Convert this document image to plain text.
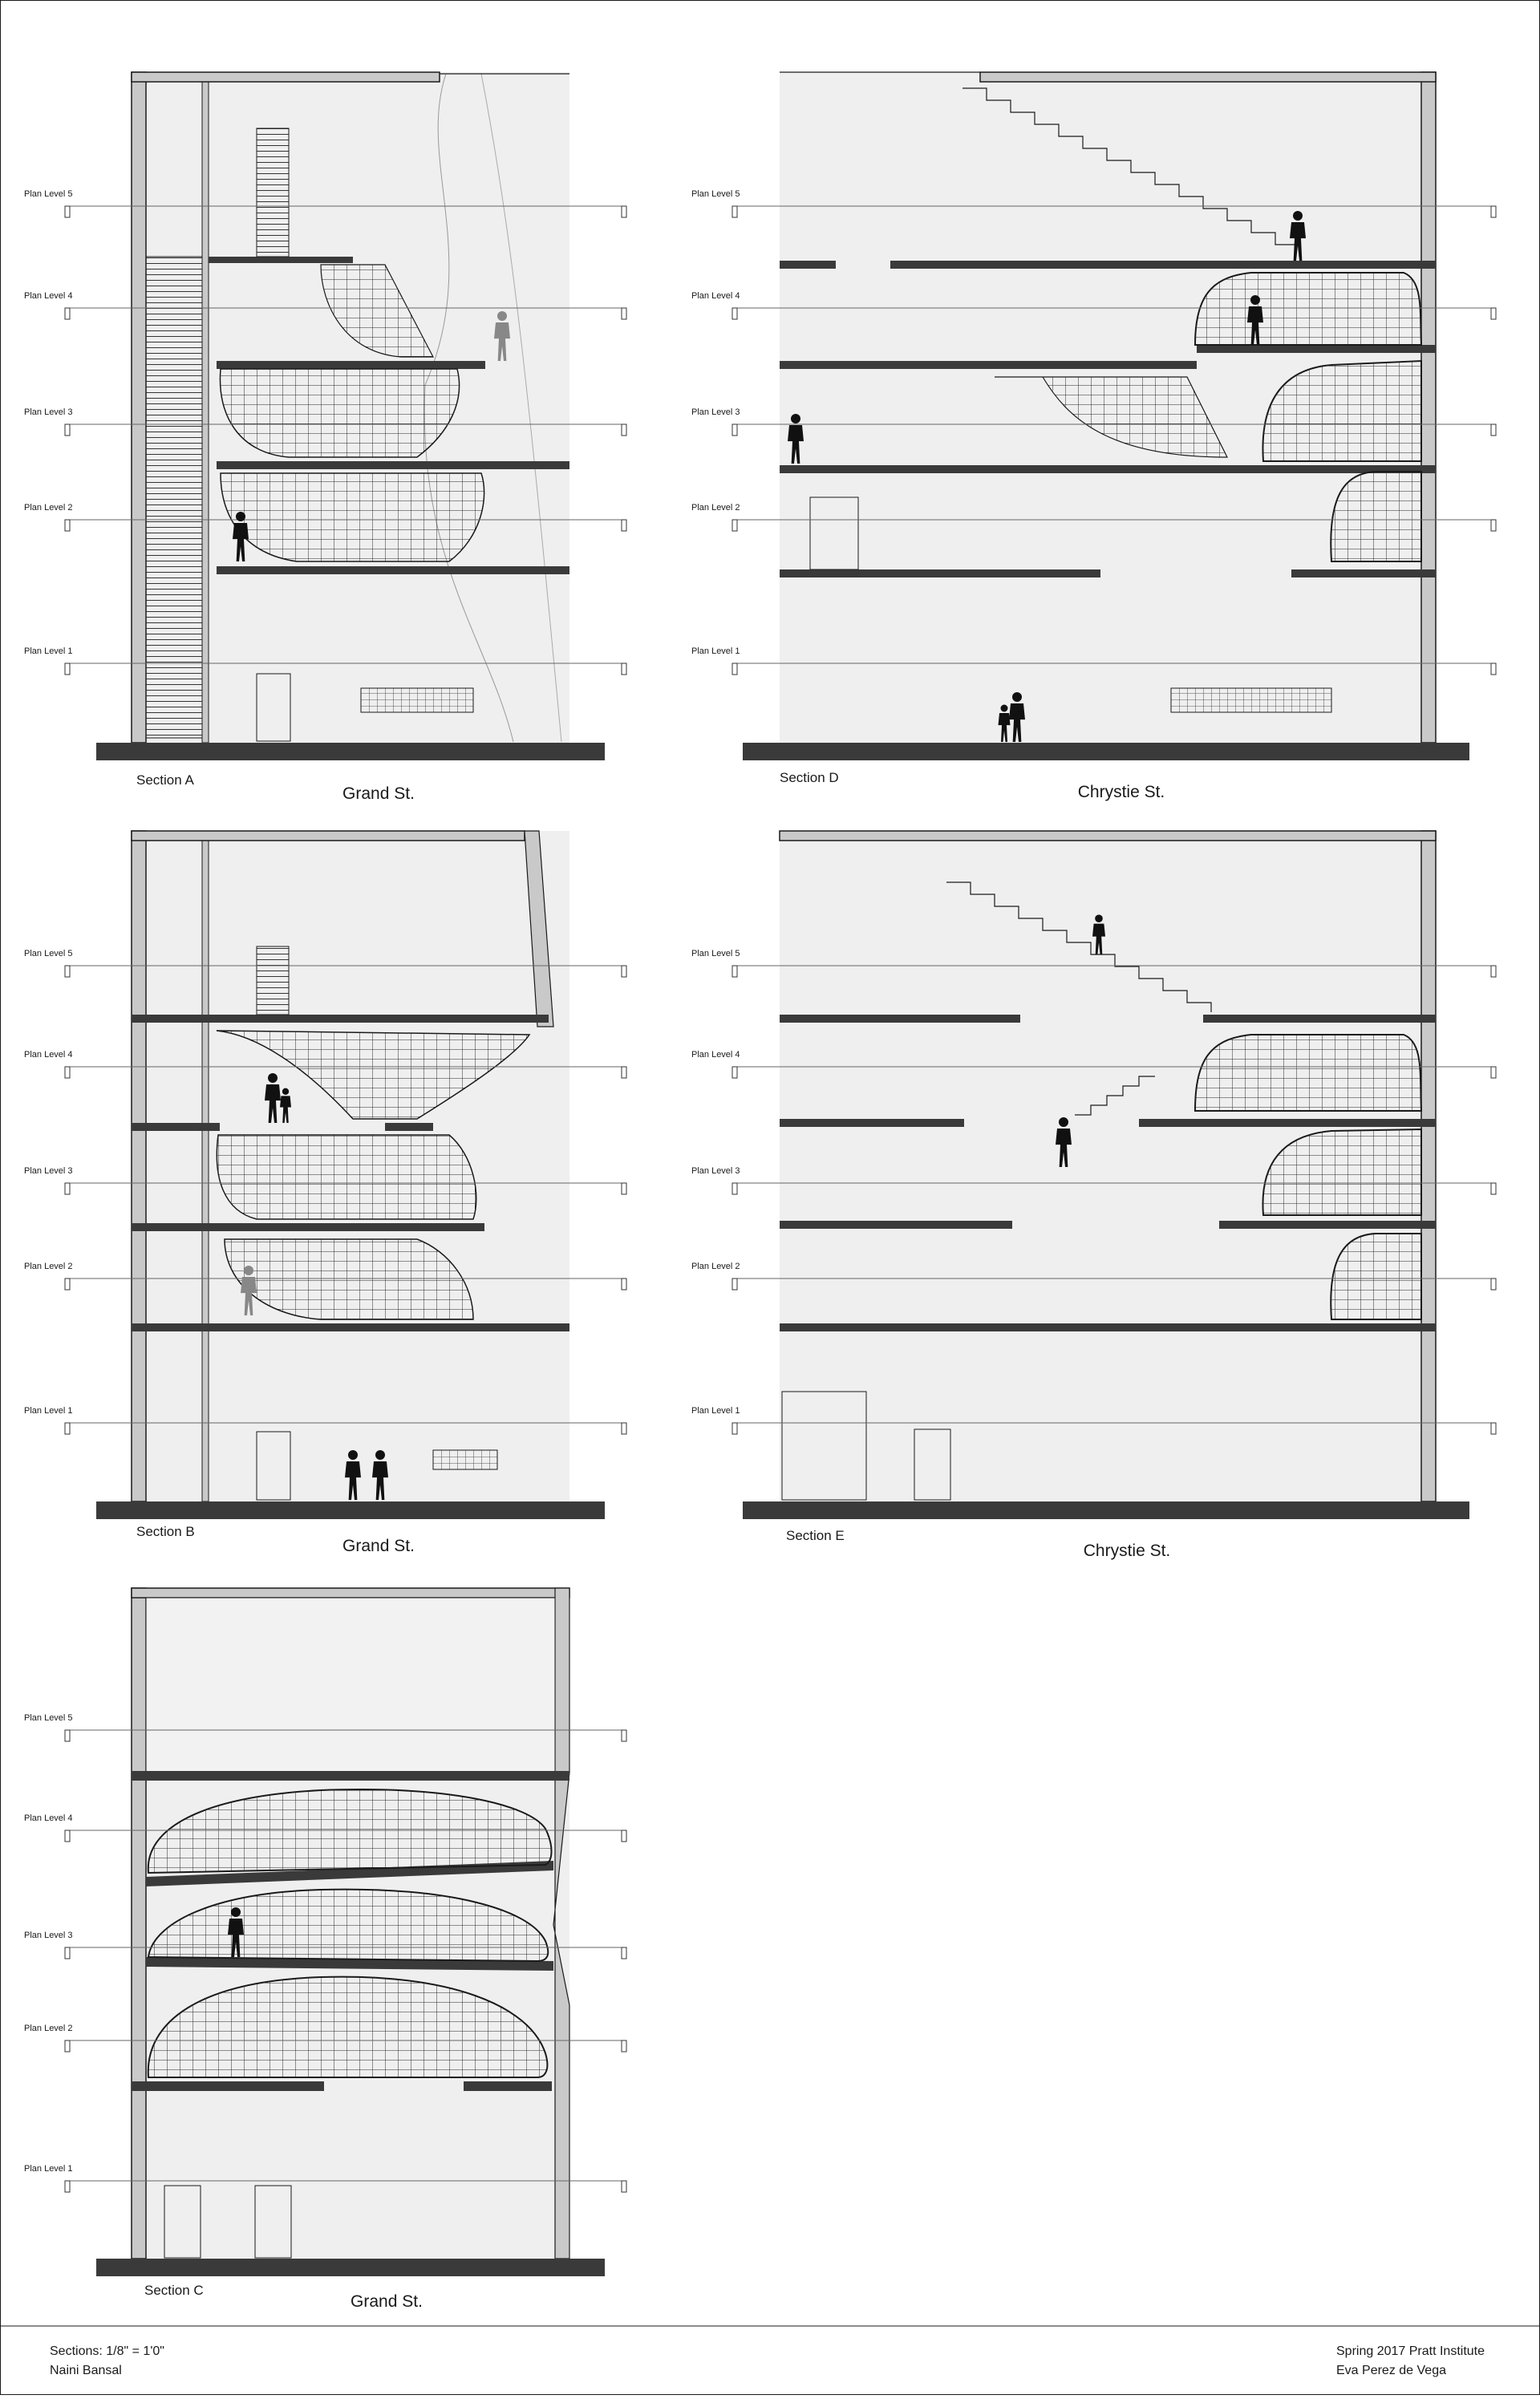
Plan Level 5
Plan Level 4
Plan Level 3
Plan Level 2
Plan Level 1
Plan Level 5
Plan Level 4
Plan Level 3
Plan Level 2
Plan Level 1
Plan Level 5
Plan Level 4
Plan Level 3
Plan Level 2
Plan Level 1
Plan Level 5
Plan Level 4
Plan Level 3
Plan Level 2
Plan Level 1
Plan Level 5
Plan Level 4
Plan Level 3
Plan Level 2
Plan Level 1
Section A
Grand St.
Section D
Chrystie St.
Section B
Grand St.
Section E
Chrystie St.
Section C
Grand St.
Sections: 1/8" = 1'0"
Naini Bansal
Spring 2017 Pratt Institute
Eva Perez de Vega
